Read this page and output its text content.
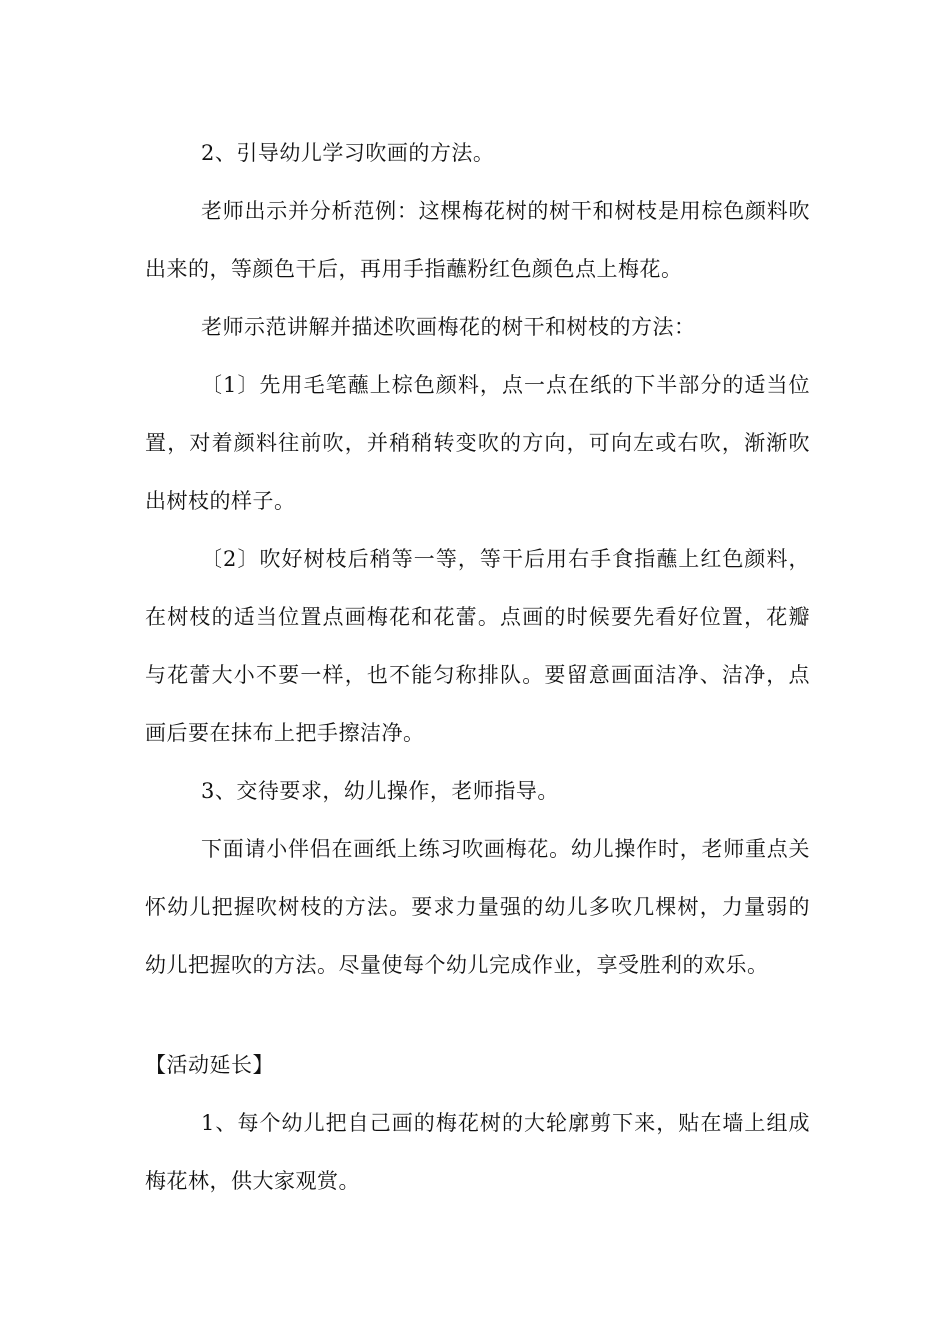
2、引导幼儿学习吹画的方法。

老师出示并分析范例：这棵梅花树的树干和树枝是用棕色颜料吹出来的，等颜色干后，再用手指蘸粉红色颜色点上梅花。

老师示范讲解并描述吹画梅花的树干和树枝的方法：

〔1〕先用毛笔蘸上棕色颜料，点一点在纸的下半部分的适当位置，对着颜料往前吹，并稍稍转变吹的方向，可向左或右吹，渐渐吹出树枝的样子。

〔2〕吹好树枝后稍等一等，等干后用右手食指蘸上红色颜料，在树枝的适当位置点画梅花和花蕾。点画的时候要先看好位置，花瓣与花蕾大小不要一样，也不能匀称排队。要留意画面洁净、洁净，点画后要在抹布上把手擦洁净。

3、交待要求，幼儿操作，老师指导。

下面请小伴侣在画纸上练习吹画梅花。幼儿操作时，老师重点关怀幼儿把握吹树枝的方法。要求力量强的幼儿多吹几棵树，力量弱的幼儿把握吹的方法。尽量使每个幼儿完成作业，享受胜利的欢乐。

【活动延长】

1、每个幼儿把自己画的梅花树的大轮廓剪下来，贴在墙上组成梅花林，供大家观赏。
